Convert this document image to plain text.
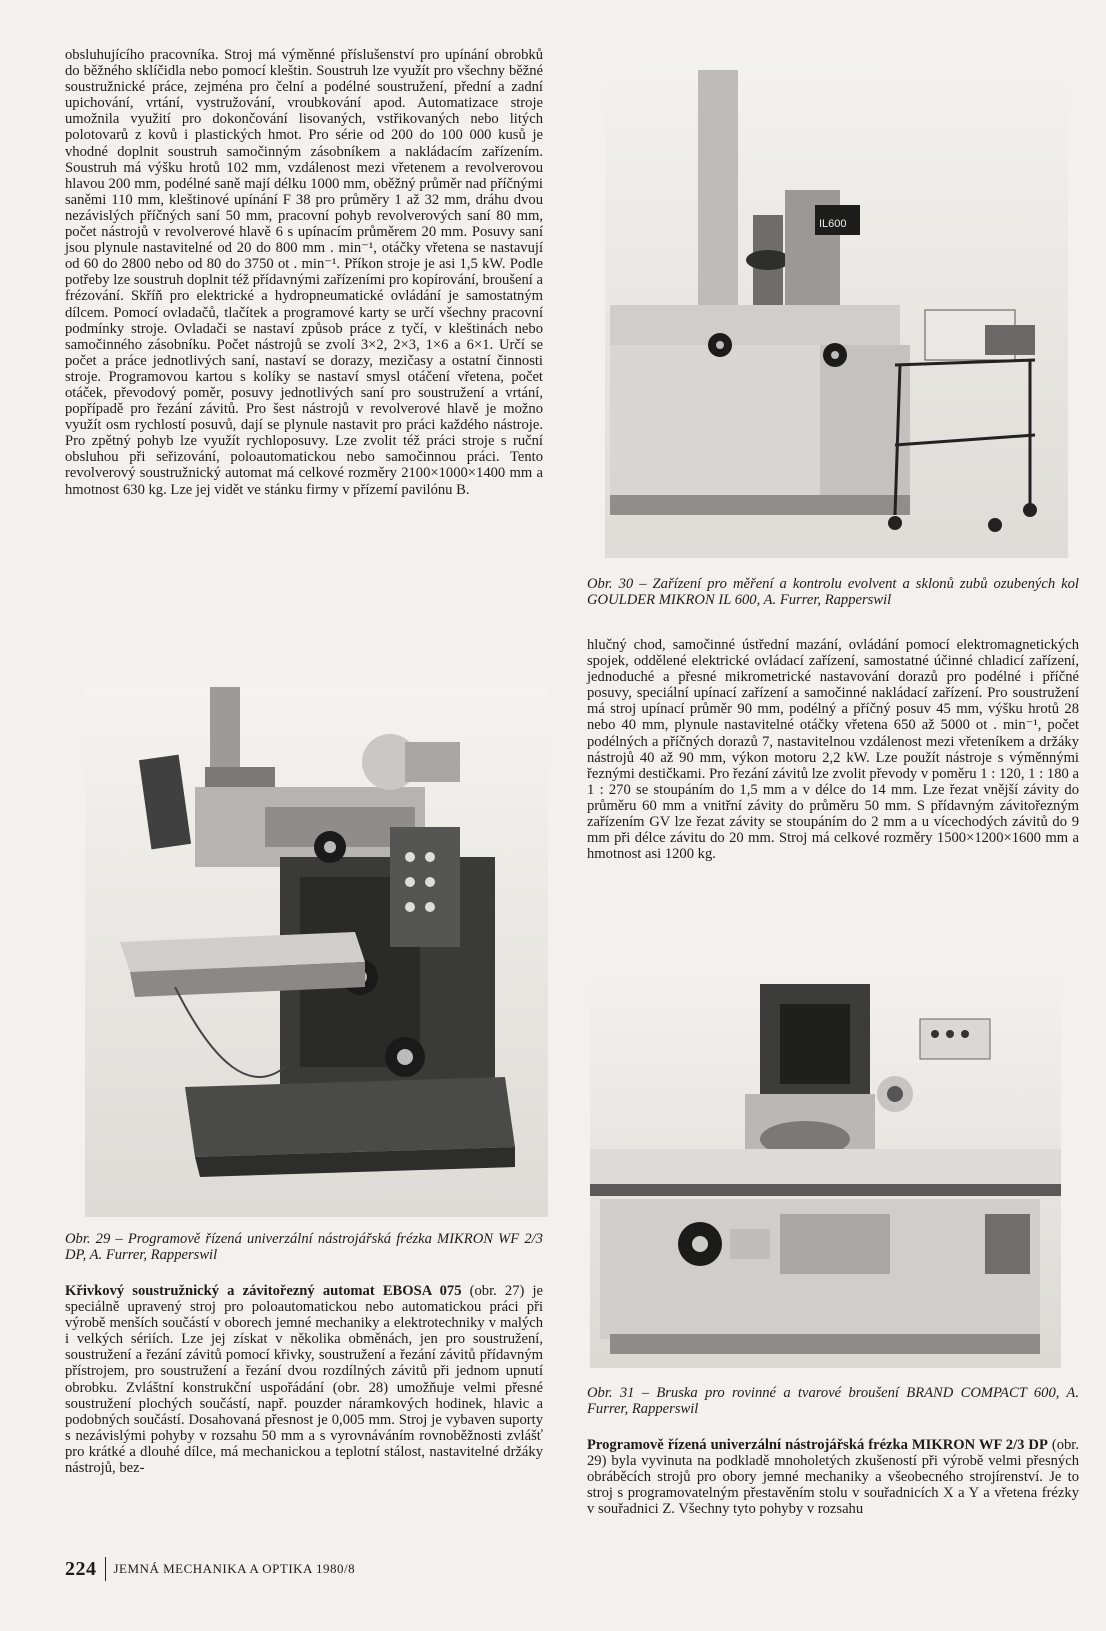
obsluhujícího pracovníka. Stroj má výměnné příslušenství pro upínání obrobků do běžného sklíčidla nebo pomocí kleštin. Soustruh lze využít pro všechny běžné soustružnické práce, zejména pro čelní a podélné soustružení, přední a zadní upichování, vrtání, vystružování, vroubkování apod. Automatizace stroje umožnila využití pro dokončování lisovaných, vstřikovaných nebo litých polotovarů z kovů i plastických hmot. Pro série od 200 do 100 000 kusů je vhodné doplnit soustruh samočinným zásobníkem a nakládacím zařízením. Soustruh má výšku hrotů 102 mm, vzdálenost mezi vřetenem a revolverovou hlavou 200 mm, podélné saně mají délku 1000 mm, oběžný průměr nad příčnými saněmi 110 mm, kleštinové upínání F 38 pro průměry 1 až 32 mm, dráhu dvou nezávislých příčných saní 50 mm, pracovní pohyb revolverových saní 80 mm, počet nástrojů v revolverové hlavě 6 s upínacím průměrem 20 mm. Posuvy saní jsou plynule nastavitelné od 20 do 800 mm . min⁻¹, otáčky vřetena se nastavují od 60 do 2800 nebo od 80 do 3750 ot . min⁻¹. Příkon stroje je asi 1,5 kW. Podle potřeby lze soustruh doplnit též přídavnými zařízeními pro kopírování, broušení a frézování. Skříň pro elektrické a hydropneumatické ovládání je samostatným dílcem. Pomocí ovladačů, tlačítek a programové karty se určí všechny pracovní podmínky stroje. Ovladači se nastaví způsob práce z tyčí, v kleštinách nebo samočinného zásobníku. Počet nástrojů se zvolí 3×2, 2×3, 1×6 a 6×1. Určí se počet a práce jednotlivých saní, nastaví se dorazy, mezičasy a ostatní činnosti stroje. Programovou kartou s kolíky se nastaví smysl otáčení vřetena, počet otáček, převodový poměr, posuvy jednotlivých saní pro soustružení a vrtání, popřípadě pro řezání závitů. Pro šest nástrojů v revolverové hlavě je možno využít osm rychlostí posuvů, dají se plynule nastavit pro práci každého nástroje. Pro zpětný pohyb lze využít rychloposuvy. Lze zvolit též práci stroje s ruční obsluhou při seřizování, poloautomatickou nebo samočinnou práci. Tento revolverový soustružnický automat má celkové rozměry 2100×1000×1400 mm a hmotnost 630 kg. Lze jej vidět ve stánku firmy v přízemí pavilónu B.

Obr. 29 – Programově řízená univerzální nástrojářská frézka MIKRON WF 2/3 DP, A. Furrer, Rapperswil

Křivkový soustružnický a závitořezný automat EBOSA 075 (obr. 27) je speciálně upravený stroj pro poloautomatickou nebo automatickou práci při výrobě menších součástí v oborech jemné mechaniky a elektrotechniky v malých i velkých sériích. Lze jej získat v několika obměnách, jen pro soustružení, soustružení a řezání závitů pomocí křivky, soustružení a řezání závitů přídavným přístrojem, pro soustružení a řezání dvou rozdílných závitů při jednom upnutí obrobku. Zvláštní konstrukční uspořádání (obr. 28) umožňuje velmi přesné soustružení plochých součástí, např. pouzder náramkových hodinek, hlavic a podobných součástí. Dosahovaná přesnost je 0,005 mm. Stroj je vybaven suporty s nezávislými pohyby v rozsahu 50 mm a s vyrovnáváním rovnoběžnosti zvlášť pro krátké a dlouhé dílce, má mechanickou a teplotní stálost, nastavitelné držáky nástrojů, bez-

IL600

Obr. 30 – Zařízení pro měření a kontrolu evolvent a sklonů zubů ozubených kol GOULDER MIKRON IL 600, A. Furrer, Rapperswil

hlučný chod, samočinné ústřední mazání, ovládání pomocí elektromagnetických spojek, oddělené elektrické ovládací zařízení, samostatné účinné chladicí zařízení, jednoduché a přesné mikrometrické nastavování dorazů pro podélné i příčné posuvy, speciální upínací zařízení a samočinné nakládací zařízení. Pro soustružení má stroj upínací průměr 90 mm, podélný a příčný posuv 45 mm, výšku hrotů 28 nebo 40 mm, plynule nastavitelné otáčky vřetena 650 až 5000 ot . min⁻¹, počet podélných a příčných dorazů 7, nastavitelnou vzdálenost mezi vřeteníkem a držáky nástrojů 40 až 90 mm, výkon motoru 2,2 kW. Lze použít nástroje s výměnnými řeznými destičkami. Pro řezání závitů lze zvolit převody v poměru 1 : 120, 1 : 180 a 1 : 270 se stoupáním do 1,5 mm a v délce do 14 mm. Lze řezat vnější závity do průměru 60 mm a vnitřní závity do průměru 50 mm. S přídavným závitořezným zařízením GV lze řezat závity se stoupáním do 2 mm a u vícechodých závitů do 9 mm při délce závitu do 20 mm. Stroj má celkové rozměry 1500×1200×1600 mm a hmotnost asi 1200 kg.

Obr. 31 – Bruska pro rovinné a tvarové broušení BRAND COMPACT 600, A. Furrer, Rapperswil

Programově řízená univerzální nástrojářská frézka MIKRON WF 2/3 DP (obr. 29) byla vyvinuta na podkladě mnoholetých zkušeností při výrobě velmi přesných obráběcích strojů pro obory jemné mechaniky a všeobecného strojírenství. Je to stroj s programovatelným přestavěním stolu v souřadnicích X a Y a vřetena frézky v souřadnici Z. Všechny tyto pohyby v rozsahu

224 JEMNÁ MECHANIKA A OPTIKA 1980/8
